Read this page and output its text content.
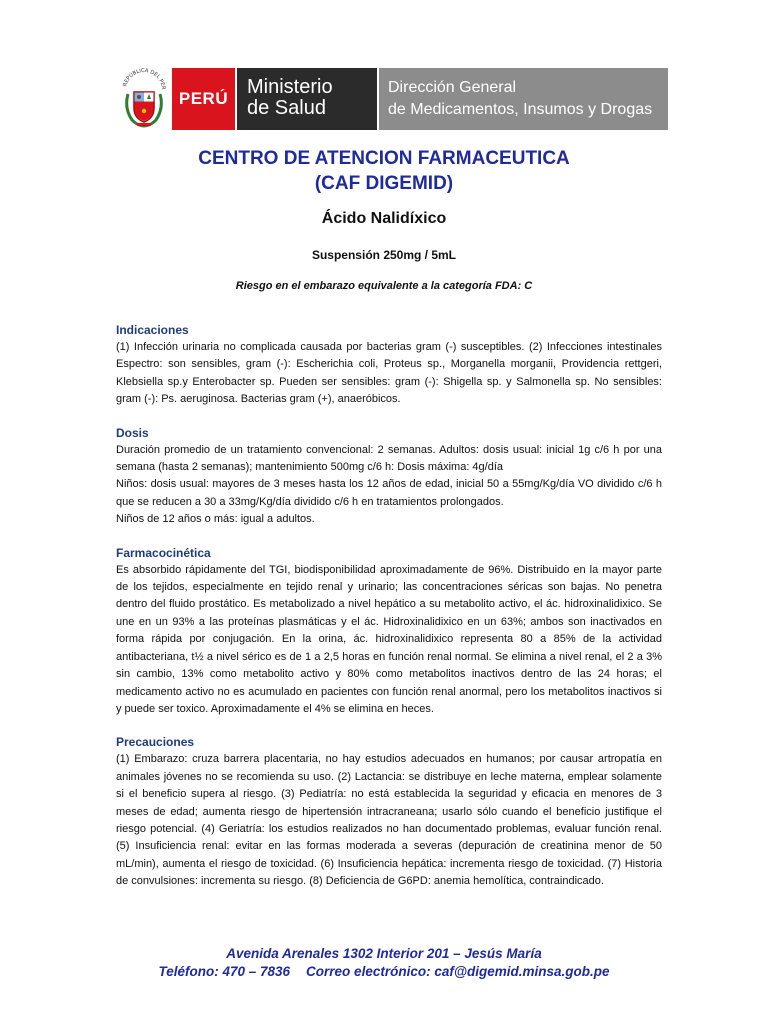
REPÚBLICA DEL PER
PERÚ
Ministerio
de Salud
Dirección General
de Medicamentos, Insumos y Drogas
CENTRO DE ATENCION FARMACEUTICA
(CAF DIGEMID)
Ácido Nalidíxico
Suspensión 250mg / 5mL
Riesgo en el embarazo equivalente a la categoría FDA: C
Indicaciones
(1) Infección urinaria no complicada causada por bacterias gram (-) susceptibles. (2) Infecciones intestinales Espectro: son sensibles, gram (-): Escherichia coli, Proteus sp., Morganella morganii, Providencia rettgeri, Klebsiella sp.y Enterobacter sp. Pueden ser sensibles: gram (-): Shigella sp. y Salmonella sp. No sensibles: gram (-): Ps. aeruginosa. Bacterias gram (+), anaeróbicos.
Dosis
Duración promedio de un tratamiento convencional: 2 semanas. Adultos: dosis usual: inicial 1g c/6 h por una semana (hasta 2 semanas); mantenimiento 500mg c/6 h: Dosis máxima: 4g/día
Niños: dosis usual: mayores de 3 meses hasta los 12 años de edad, inicial 50 a 55mg/Kg/día VO dividido c/6 h que se reducen a 30 a 33mg/Kg/día dividido c/6 h en tratamientos prolongados.
Niños de 12 años o más: igual a adultos.
Farmacocinética
Es absorbido rápidamente del TGI, biodisponibilidad aproximadamente de 96%. Distribuido en la mayor parte de los tejidos, especialmente en tejido renal y urinario; las concentraciones séricas son bajas. No penetra dentro del fluido prostático. Es metabolizado a nivel hepático a su metabolito activo, el ác. hidroxinalidixico. Se une en un 93% a las proteínas plasmáticas y el ác. Hidroxinalidixico en un 63%; ambos son inactivados en forma rápida por conjugación. En la orina, ác. hidroxinalidixico representa 80 a 85% de la actividad antibacteriana, t½ a nivel sérico es de 1 a 2,5 horas en función renal normal. Se elimina a nivel renal, el 2 a 3% sin cambio, 13% como metabolito activo y 80% como metabolitos inactivos dentro de las 24 horas; el medicamento activo no es acumulado en pacientes con función renal anormal, pero los metabolitos inactivos si y puede ser toxico. Aproximadamente el 4% se elimina en heces.
Precauciones
(1) Embarazo: cruza barrera placentaria, no hay estudios adecuados en humanos; por causar artropatía en animales jóvenes no se recomienda su uso. (2) Lactancia: se distribuye en leche materna, emplear solamente si el beneficio supera al riesgo. (3) Pediatría: no está establecida la seguridad y eficacia en menores de 3 meses de edad; aumenta riesgo de hipertensión intracraneana; usarlo sólo cuando el beneficio justifique el riesgo potencial. (4) Geriatría: los estudios realizados no han documentado problemas, evaluar función renal. (5) Insuficiencia renal: evitar en las formas moderada a severas (depuración de creatinina menor de 50 mL/min), aumenta el riesgo de toxicidad. (6) Insuficiencia hepática: incrementa riesgo de toxicidad. (7) Historia de convulsiones: incrementa su riesgo. (8) Deficiencia de G6PD: anemia hemolítica, contraindicado.
Avenida Arenales 1302 Interior 201 – Jesús María
Teléfono: 470 – 7836 Correo electrónico: caf@digemid.minsa.gob.pe
